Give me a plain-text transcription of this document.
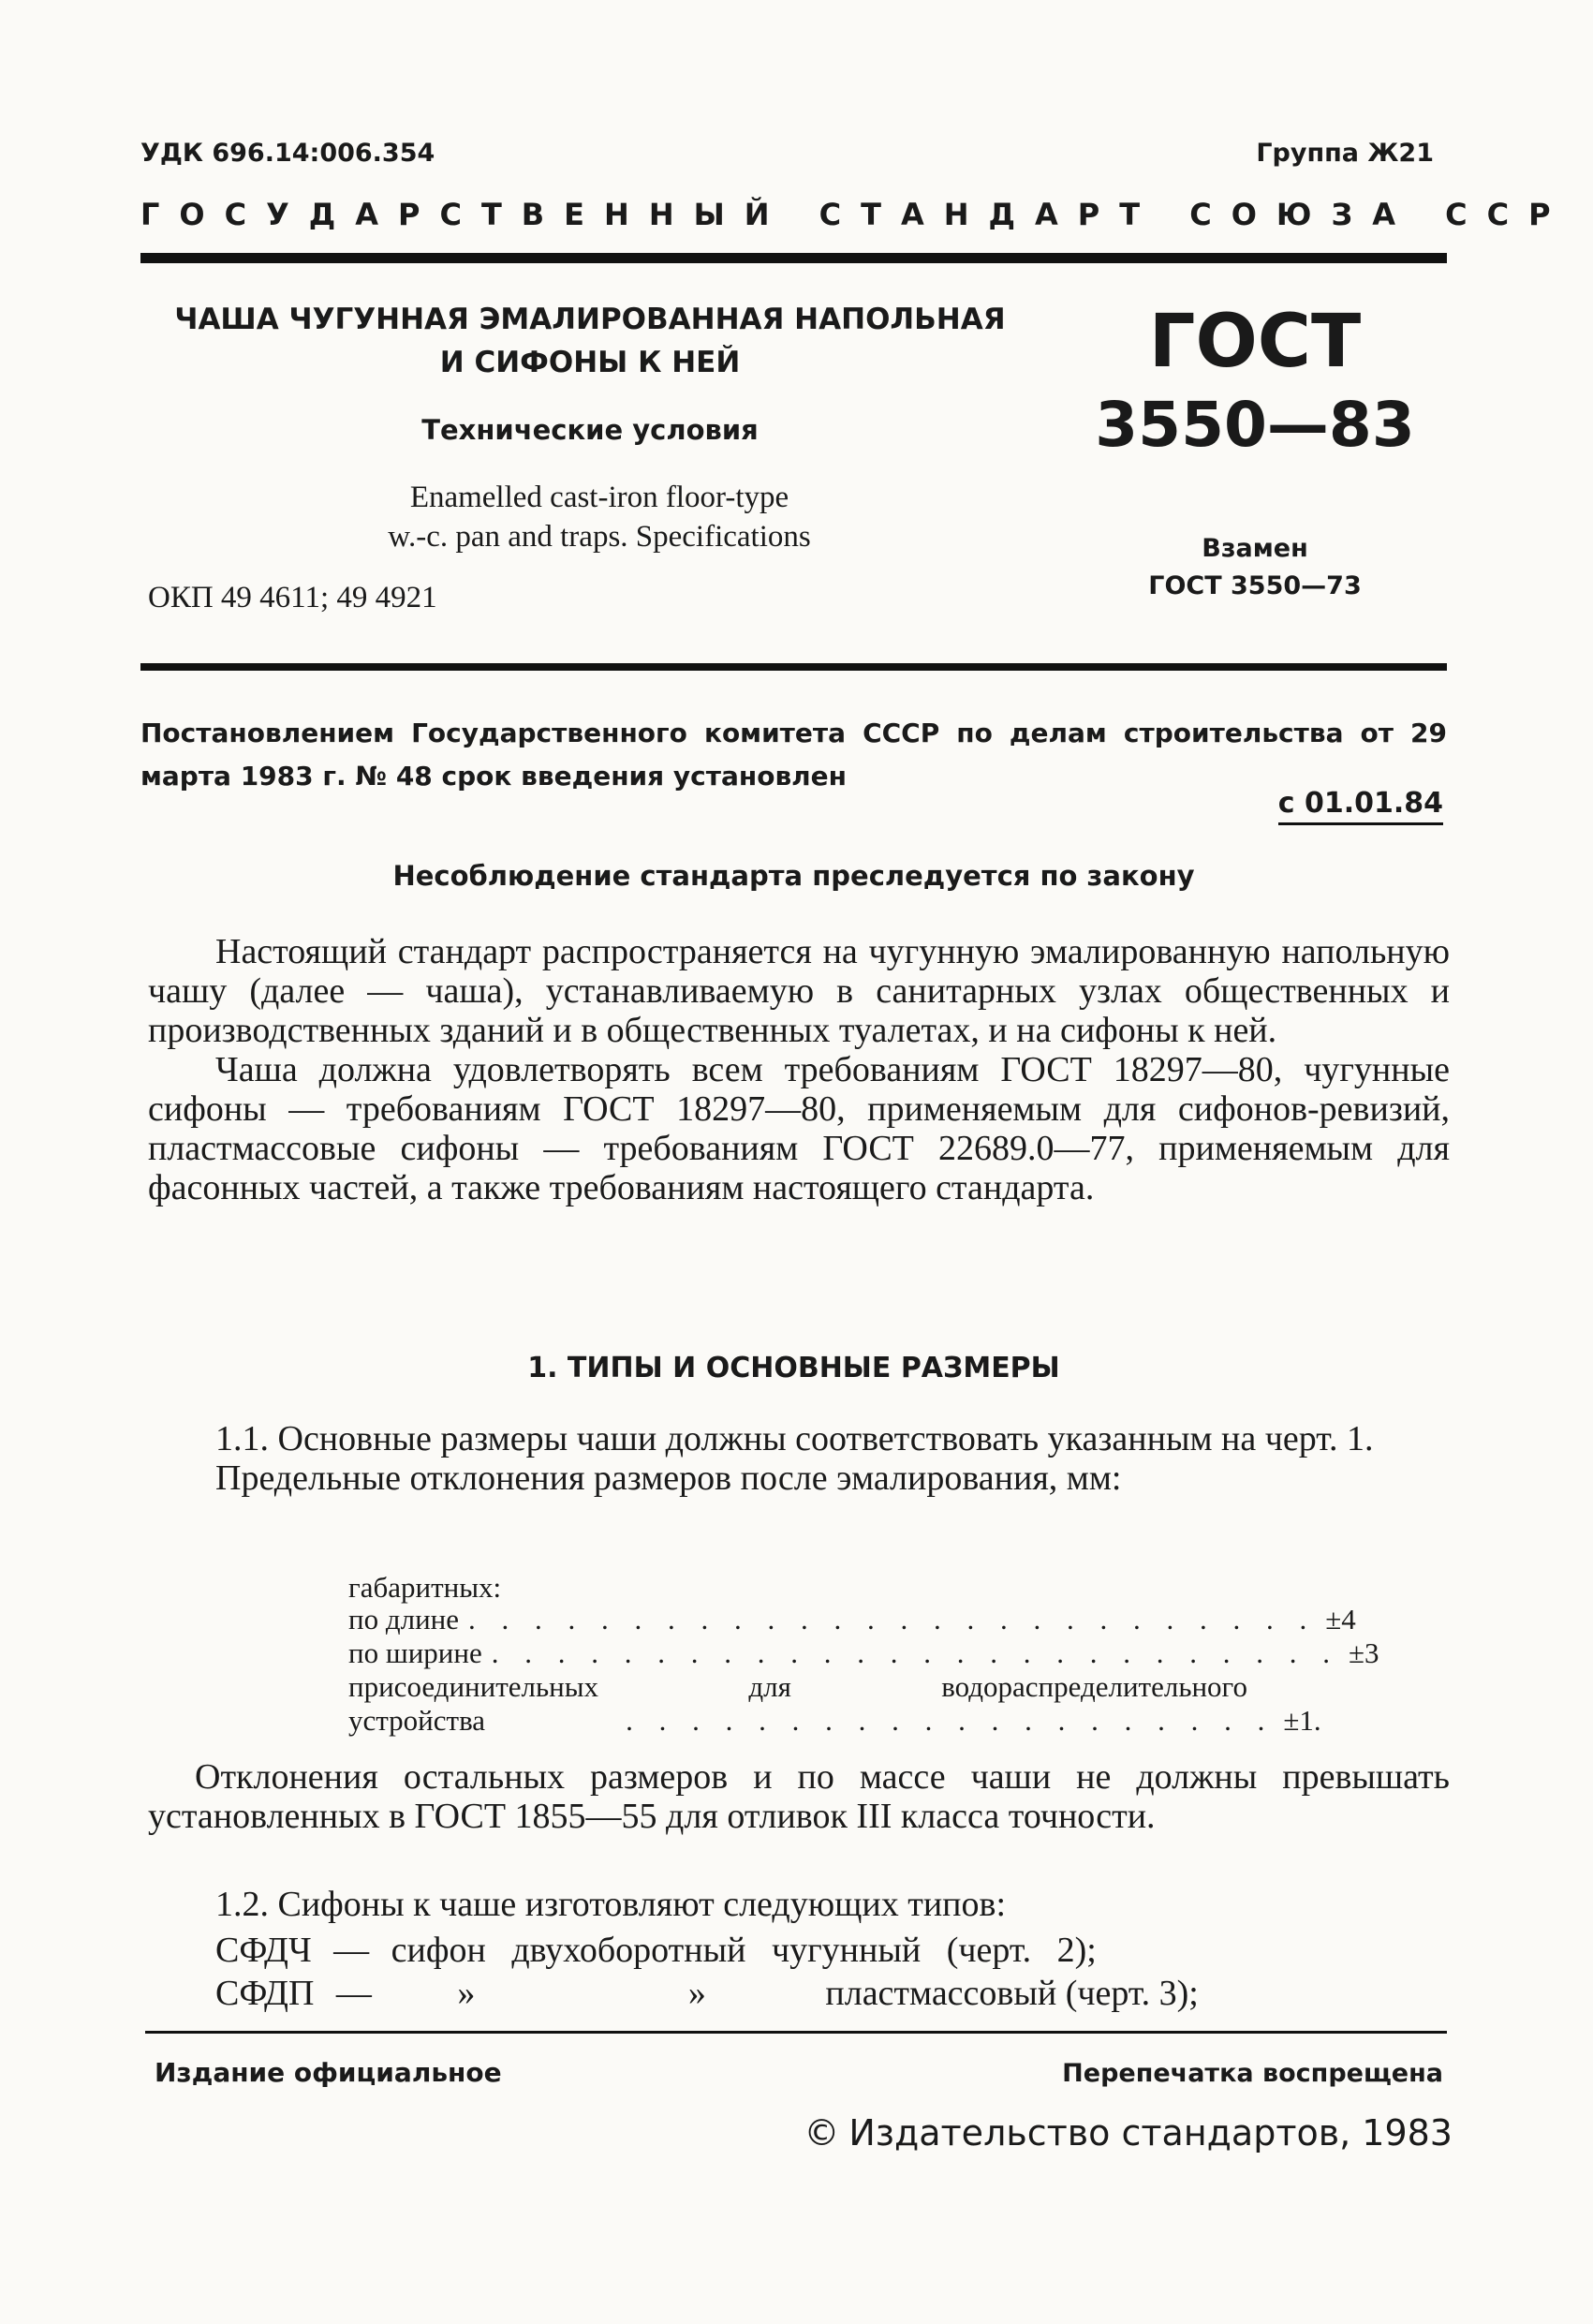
УДК 696.14:006.354	Группа Ж21
ГОСУДАРСТВЕННЫЙ СТАНДАРТ СОЮЗА ССР
ЧАША ЧУГУННАЯ ЭМАЛИРОВАННАЯ НАПОЛЬНАЯ
И СИФОНЫ К НЕЙ
Технические условия
Enamelled cast-iron floor-type
w.-c. pan and traps. Specifications
ОКП 49 4611; 49 4921
ГОСТ
3550—83
Взамен
ГОСТ 3550—73
Постановлением Государственного комитета СССР по делам строительства от 29 марта 1983 г. № 48 срок введения установлен
с 01.01.84
Несоблюдение стандарта преследуется по закону

Настоящий стандарт распространяется на чугунную эмалированную напольную чашу (далее — чаша), устанавливаемую в санитарных узлах общественных и производственных зданий и в общественных туалетах, и на сифоны к ней.

Чаша должна удовлетворять всем требованиям ГОСТ 18297—80, чугунные сифоны — требованиям ГОСТ 18297—80, применяемым для сифонов-ревизий, пластмассовые сифоны — требованиям ГОСТ 22689.0—77, применяемым для фасонных частей, а также требованиям настоящего стандарта.

1. ТИПЫ И ОСНОВНЫЕ РАЗМЕРЫ

1.1. Основные размеры чаши должны соответствовать указанным на черт. 1.

Предельные отклонения размеров после эмалирования, мм:

габаритных:
по длине . . . . . . . . . . . . . . . . . . . . . . . . . . ±4
по ширине . . . . . . . . . . . . . . . . . . . . . . . . . . ±3
присоединительных	для	водораспределительного
устройства	. . . . . . . . . . . . . . . . . . . . ±1.

Отклонения остальных размеров и по массе чаши не должны превышать установленных в ГОСТ 1855—55 для отливок III класса точности.

1.2. Сифоны к чаше изготовляют следующих типов:

СФДЧ — сифон двухоборотный чугунный (черт. 2);
СФДП — »	»	пластмассовый (черт. 3);
Издание официальное	Перепечатка воспрещена
© Издательство стандартов, 1983
